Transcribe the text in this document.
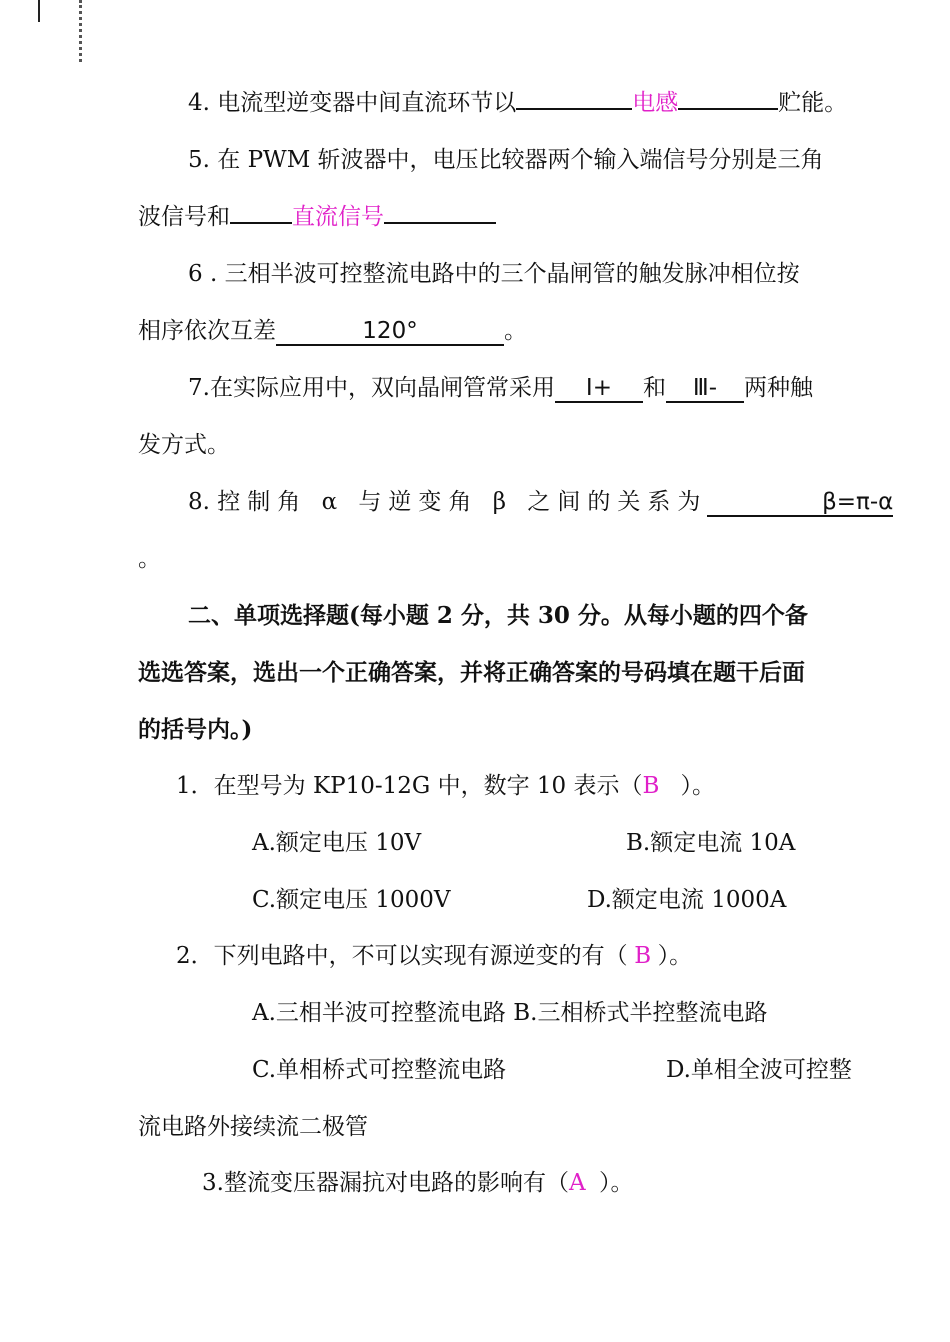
4. 电流型逆变器中间直流环节以	电感	贮能。
5. 在 PWM 斩波器中，电压比较器两个输入端信号分别是三角
波信号和	直流信号
6 . 三相半波可控整流电路中的三个晶闸管的触发脉冲相位按
相序依次互差	120°	。
7.在实际应用中，双向晶闸管常采用 Ⅰ+ 和 Ⅲ- 两种触
发方式。
8. 控制角 α 与逆变角 β 之间的关系为	β=π-α
。
二、单项选择题(每小题 2 分，共 30 分。从每小题的四个备
选选答案，选出一个正确答案，并将正确答案的号码填在题干后面
的括号内。)
1．在型号为 KP10-12G 中，数字 10 表示（B ）。
A.额定电压 10V	B.额定电流 10A
C.额定电压 1000V	D.额定电流 1000A
2．下列电路中，不可以实现有源逆变的有（ B ）。
A.三相半波可控整流电路 B.三相桥式半控整流电路
C.单相桥式可控整流电路	D.单相全波可控整
流电路外接续流二极管
3.整流变压器漏抗对电路的影响有（A ）。
